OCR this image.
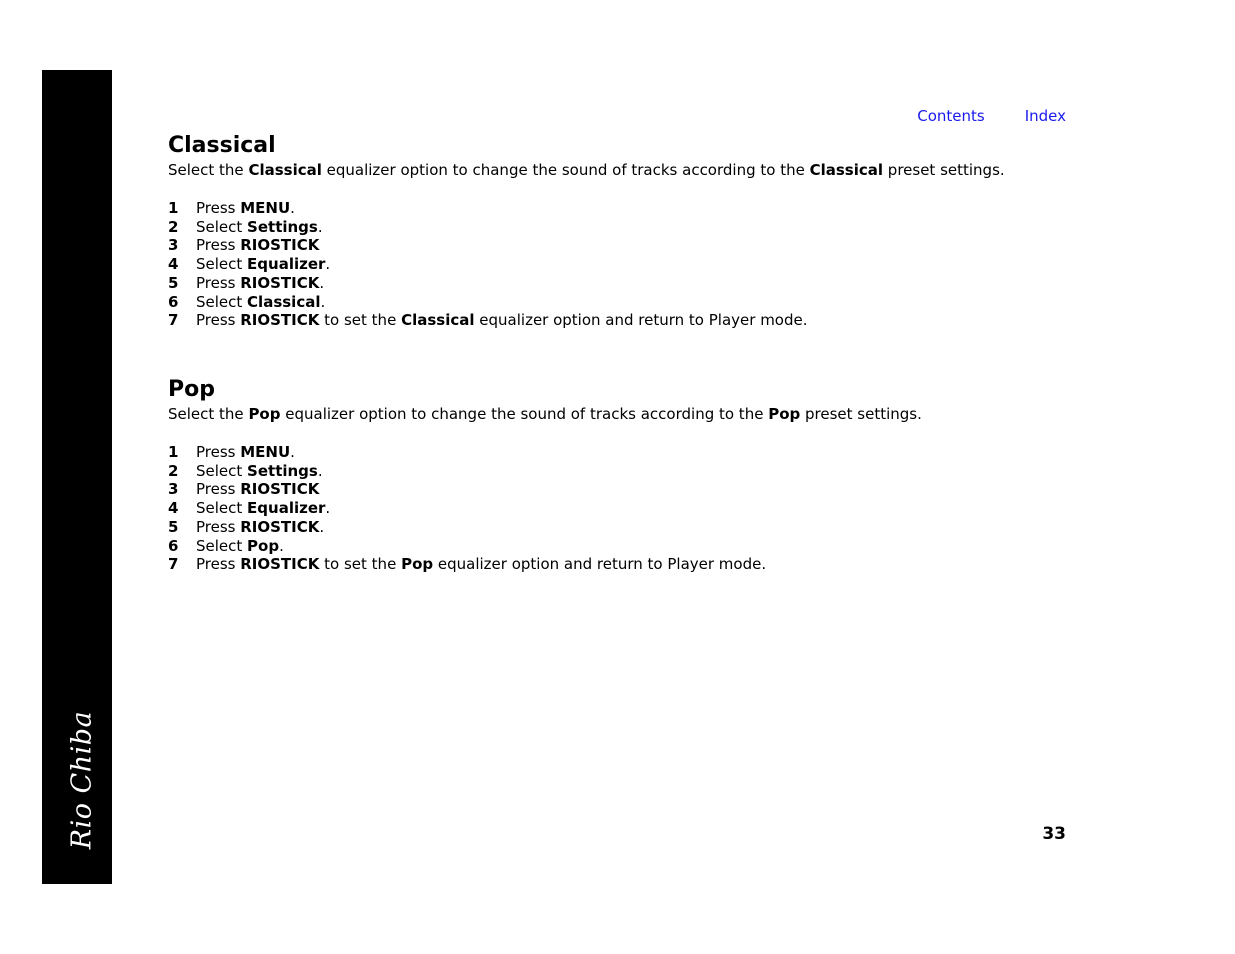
Rio Chiba
Contents	Index
Classical

Select the Classical equalizer option to change the sound of tracks according to the Classical preset settings.

1	Press MENU.
2	Select Settings.
3	Press RIOSTICK
4	Select Equalizer.
5	Press RIOSTICK.
6	Select Classical.
7	Press RIOSTICK to set the Classical equalizer option and return to Player mode.
Pop

Select the Pop equalizer option to change the sound of tracks according to the Pop preset settings.

1	Press MENU.
2	Select Settings.
3	Press RIOSTICK
4	Select Equalizer.
5	Press RIOSTICK.
6	Select Pop.
7	Press RIOSTICK to set the Pop equalizer option and return to Player mode.
33
